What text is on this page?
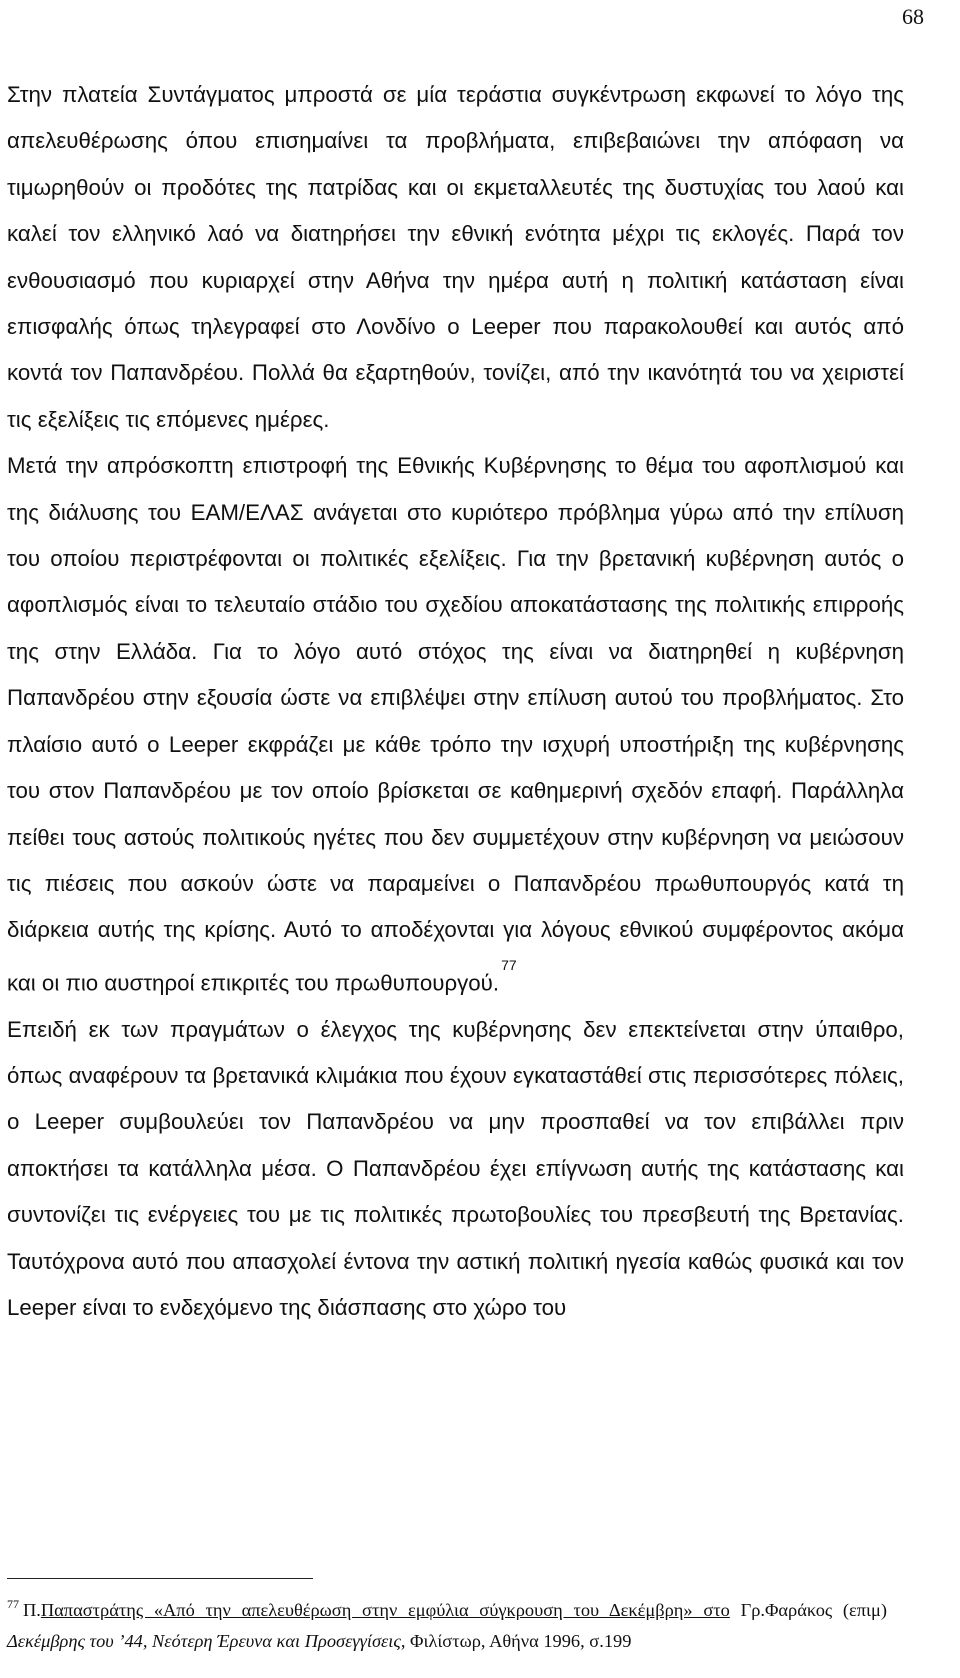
68

Στην πλατεία Συντάγματος μπροστά σε μία τεράστια συγκέντρωση εκφωνεί το λόγο της απελευθέρωσης όπου επισημαίνει τα προβλήματα, επιβεβαιώνει την απόφαση να τιμωρηθούν οι προδότες της πατρίδας και οι εκμεταλλευτές της δυστυχίας του λαού και καλεί τον ελληνικό λαό να διατηρήσει την εθνική ενότητα μέχρι τις εκλογές. Παρά τον ενθουσιασμό που κυριαρχεί στην Αθήνα την ημέρα αυτή η πολιτική κατάσταση είναι επισφαλής όπως τηλεγραφεί στο Λονδίνο ο Leeper που παρακολουθεί και αυτός από κοντά τον Παπανδρέου. Πολλά θα εξαρτηθούν, τονίζει, από την ικανότητά του να χειριστεί τις εξελίξεις τις επόμενες ημέρες.

Μετά την απρόσκοπτη επιστροφή της Εθνικής Κυβέρνησης το θέμα του αφοπλισμού και της διάλυσης του ΕΑΜ/ΕΛΑΣ ανάγεται στο κυριότερο πρόβλημα γύρω από την επίλυση του οποίου περιστρέφονται οι πολιτικές εξελίξεις. Για την βρετανική κυβέρνηση αυτός ο αφοπλισμός είναι το τελευταίο στάδιο του σχεδίου αποκατάστασης της πολιτικής επιρροής της στην Ελλάδα. Για το λόγο αυτό στόχος της είναι να διατηρηθεί η κυβέρνηση Παπανδρέου στην εξουσία ώστε να επιβλέψει στην επίλυση αυτού του προβλήματος. Στο πλαίσιο αυτό ο Leeper εκφράζει με κάθε τρόπο την ισχυρή υποστήριξη της κυβέρνησης του στον Παπανδρέου με τον οποίο βρίσκεται σε καθημερινή σχεδόν επαφή. Παράλληλα πείθει τους αστούς πολιτικούς ηγέτες που δεν συμμετέχουν στην κυβέρνηση να μειώσουν τις πιέσεις που ασκούν ώστε να παραμείνει ο Παπανδρέου πρωθυπουργός κατά τη διάρκεια αυτής της κρίσης. Αυτό το αποδέχονται για λόγους εθνικού συμφέροντος ακόμα και οι πιο αυστηροί επικριτές του πρωθυπουργού.$^{77}$

Επειδή εκ των πραγμάτων ο έλεγχος της κυβέρνησης δεν επεκτείνεται στην ύπαιθρο, όπως αναφέρουν τα βρετανικά κλιμάκια που έχουν εγκαταστάθεί στις περισσότερες πόλεις, ο Leeper συμβουλεύει τον Παπανδρέου να μην προσπαθεί να τον επιβάλλει πριν αποκτήσει τα κατάλληλα μέσα. Ο Παπανδρέου έχει επίγνωση αυτής της κατάστασης και συντονίζει τις ενέργειες του με τις πολιτικές πρωτοβουλίες του πρεσβευτή της Βρετανίας. Ταυτόχρονα αυτό που απασχολεί έντονα την αστική πολιτική ηγεσία καθώς φυσικά και τον Leeper είναι το ενδεχόμενο της διάσπασης στο χώρο του

$^{77}$ Π.Παπαστράτης «Από την απελευθέρωση στην εμφύλια σύγκρουση του Δεκέμβρη» στο Γρ.Φαράκος (επιμ) Δεκέμβρης του ’44, Νεότερη Έρευνα και Προσεγγίσεις, Φιλίστωρ, Αθήνα 1996, σ.199
